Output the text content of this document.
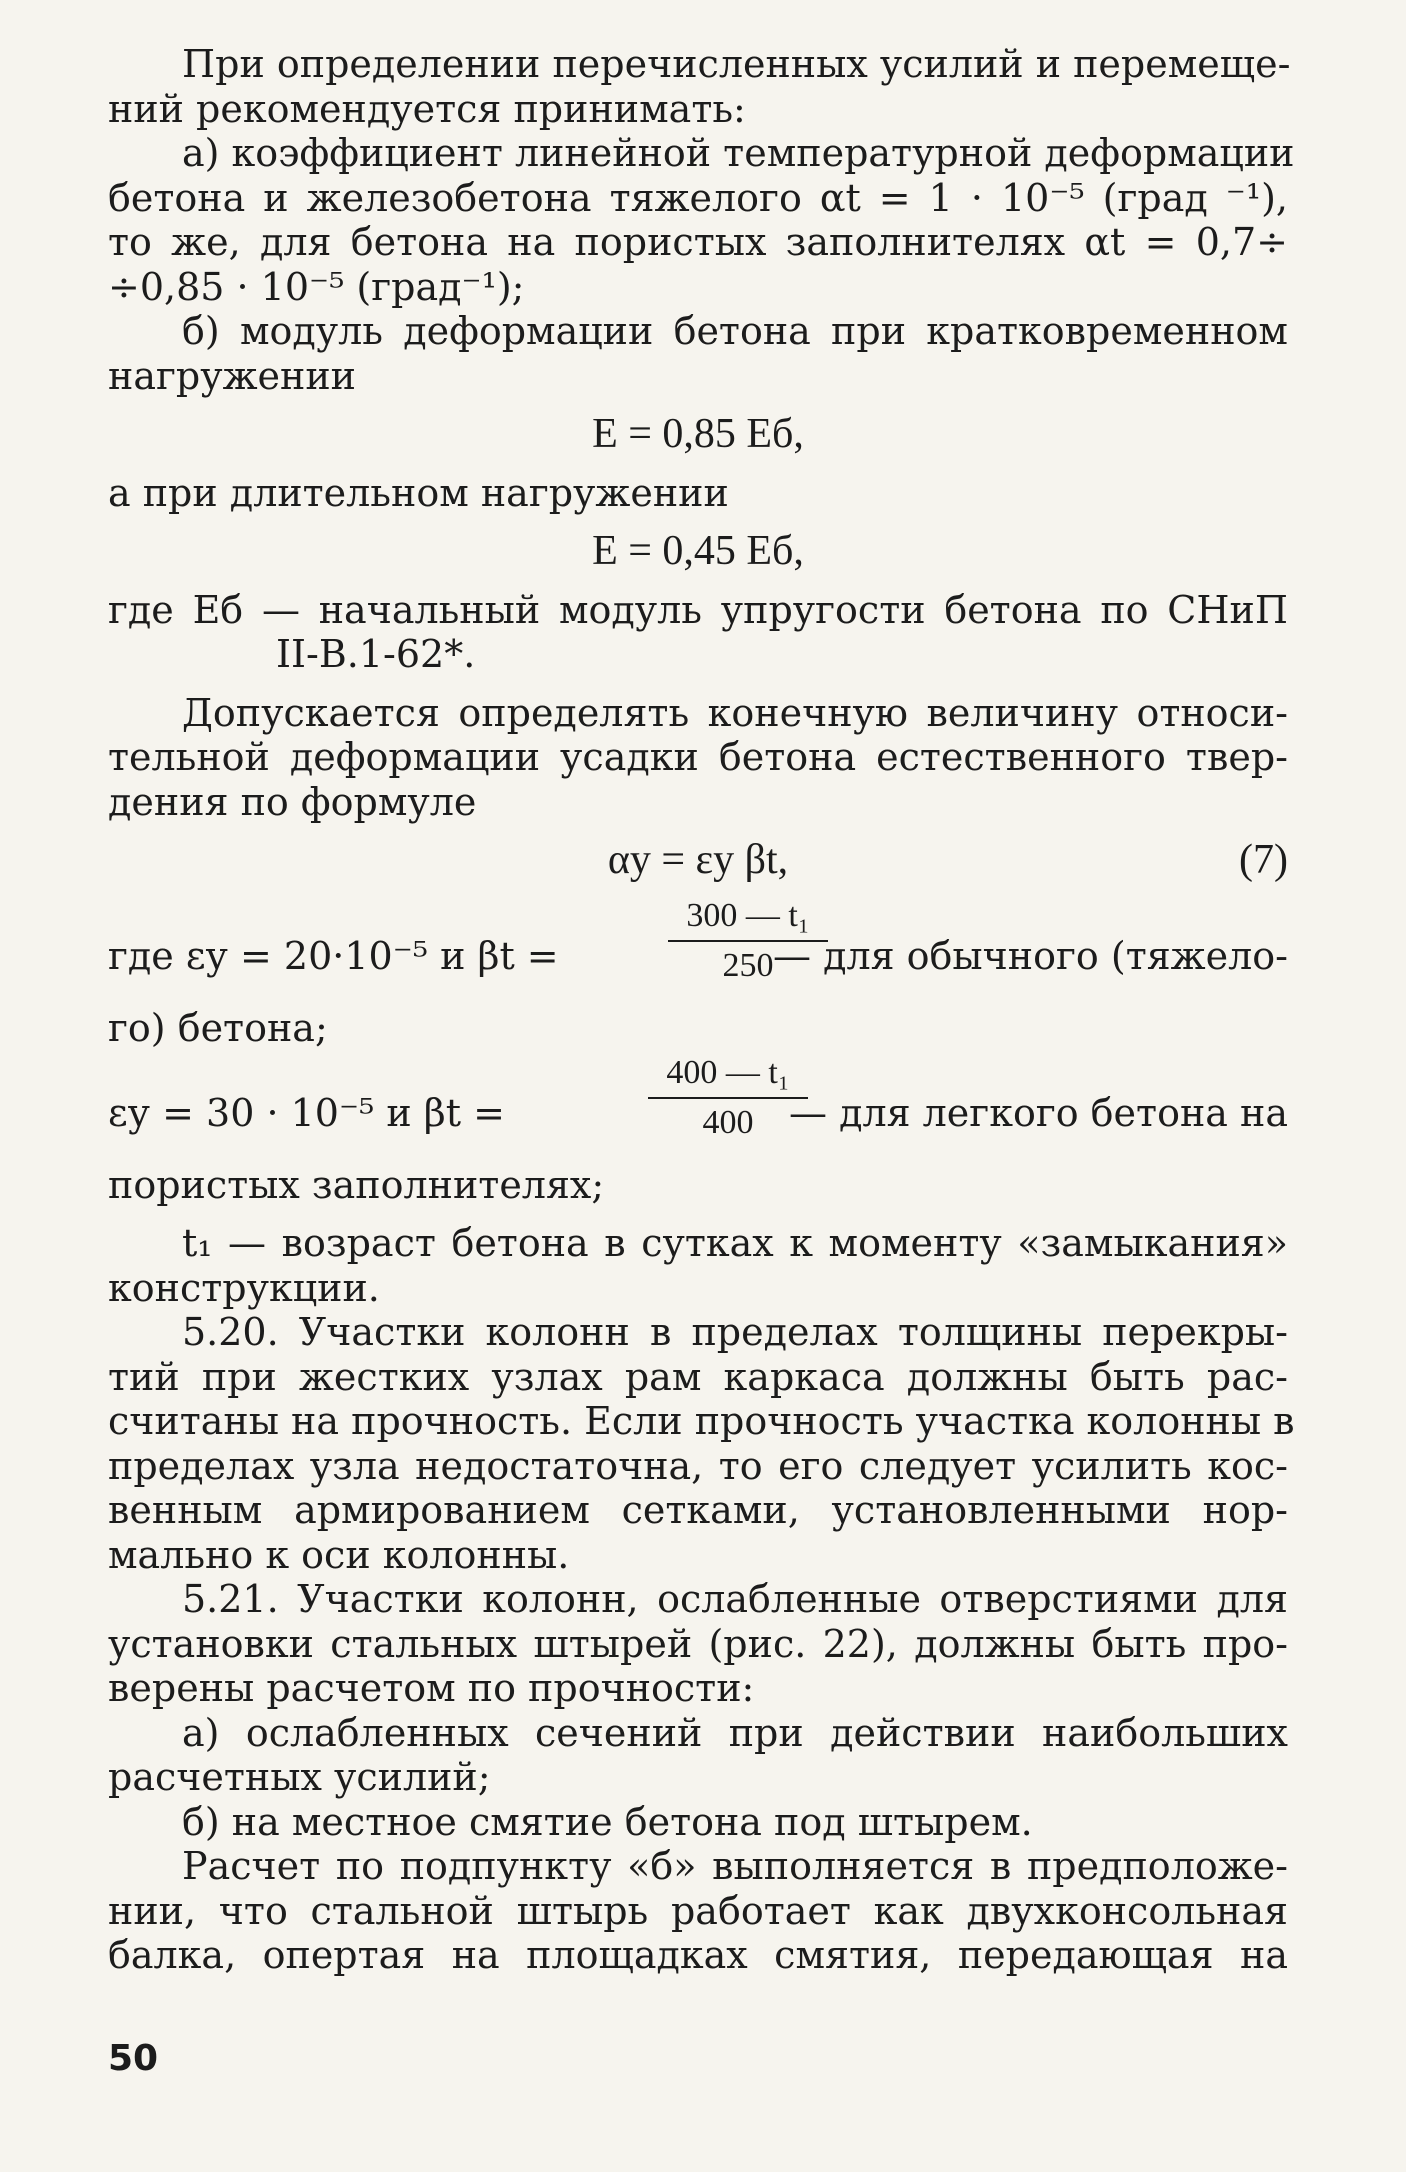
При определении перечисленных усилий и перемеще-
ний рекомендуется принимать:
а) коэффициент линейной температурной деформации
бетона и железобетона тяжелого αt = 1 · 10⁻⁵ (град ⁻¹),
то же, для бетона на пористых заполнителях αt = 0,7÷
÷0,85 · 10⁻⁵ (град⁻¹);
б) модуль деформации бетона при кратковременном
нагружении
E = 0,85 Eб,
а при длительном нагружении
E = 0,45 Eб,
где Eб — начальный модуль упругости бетона по СНиП
II-В.1-62*.
Допускается определять конечную величину относи-
тельной деформации усадки бетона естественного твер-
дения по формуле
αу = εу βt,	(7)
где εу = 20·10⁻⁵ и βt =	$\frac{\text{300 — t₁}}{250}$
— для обычного (тяжело-
го) бетона;
εу = 30 · 10⁻⁵ и βt =	$\frac{\text{400 — t₁}}{400}$
— для легкого бетона на
пористых заполнителях;
t₁ — возраст бетона в сутках к моменту «замыкания»
конструкции.
5.20. Участки колонн в пределах толщины перекры-
тий при жестких узлах рам каркаса должны быть рас-
считаны на прочность. Если прочность участка колонны в
пределах узла недостаточна, то его следует усилить кос-
венным армированием сетками, установленными нор-
мально к оси колонны.
5.21. Участки колонн, ослабленные отверстиями для
установки стальных штырей (рис. 22), должны быть про-
верены расчетом по прочности:
а) ослабленных сечений при действии наибольших
расчетных усилий;
б) на местное смятие бетона под штырем.
Расчет по подпункту «б» выполняется в предположе-
нии, что стальной штырь работает как двухконсольная
балка, опертая на площадках смятия, передающая на
50
